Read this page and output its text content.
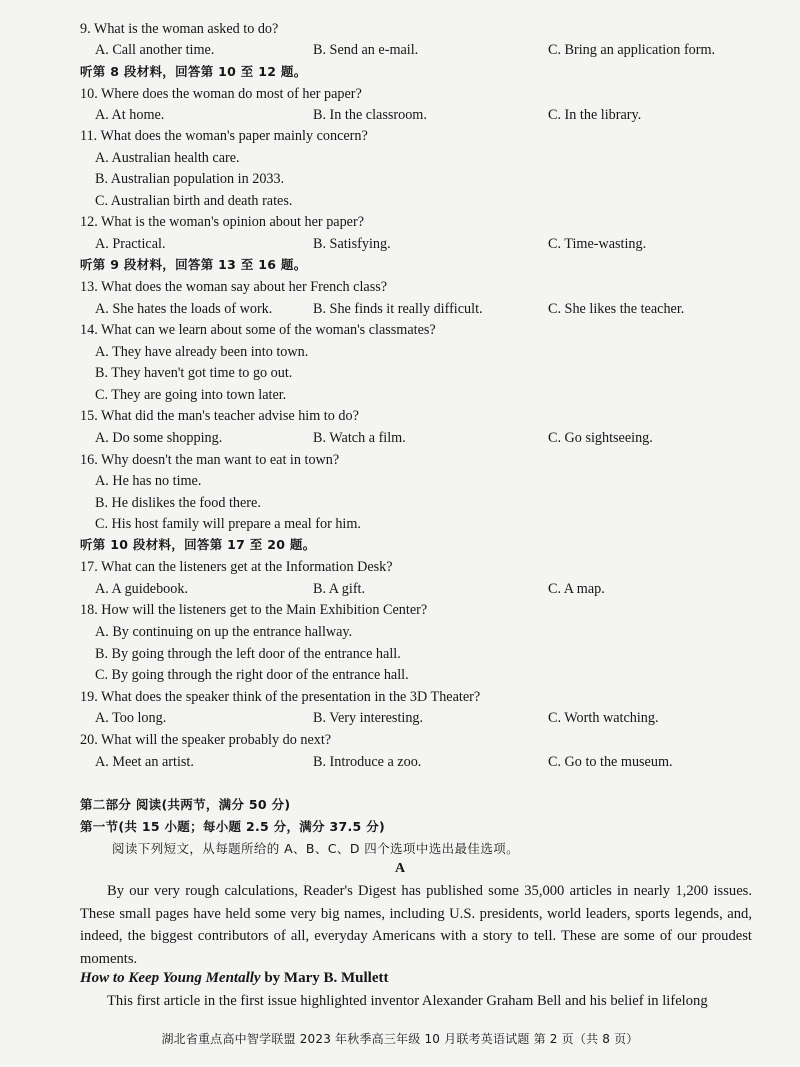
9. What is the woman asked to do?
A. Call another time.	B. Send an e-mail.	C. Bring an application form.
听第 8 段材料，回答第 10 至 12 题。
10. Where does the woman do most of her paper?
A. At home.	B. In the classroom.	C. In the library.
11. What does the woman's paper mainly concern?
A. Australian health care.
B. Australian population in 2033.
C. Australian birth and death rates.
12. What is the woman's opinion about her paper?
A. Practical.	B. Satisfying.	C. Time-wasting.
听第 9 段材料，回答第 13 至 16 题。
13. What does the woman say about her French class?
A. She hates the loads of work.	B. She finds it really difficult.	C. She likes the teacher.
14. What can we learn about some of the woman's classmates?
A. They have already been into town.
B. They haven't got time to go out.
C. They are going into town later.
15. What did the man's teacher advise him to do?
A. Do some shopping.	B. Watch a film.	C. Go sightseeing.
16. Why doesn't the man want to eat in town?
A. He has no time.
B. He dislikes the food there.
C. His host family will prepare a meal for him.
听第 10 段材料，回答第 17 至 20 题。
17. What can the listeners get at the Information Desk?
A. A guidebook.	B. A gift.	C. A map.
18. How will the listeners get to the Main Exhibition Center?
A. By continuing on up the entrance hallway.
B. By going through the left door of the entrance hall.
C. By going through the right door of the entrance hall.
19. What does the speaker think of the presentation in the 3D Theater?
A. Too long.	B. Very interesting.	C. Worth watching.
20. What will the speaker probably do next?
A. Meet an artist.	B. Introduce a zoo.	C. Go to the museum.
第二部分 阅读(共两节，满分 50 分)
第一节(共 15 小题；每小题 2.5 分，满分 37.5 分)
阅读下列短文，从每题所给的 A、B、C、D 四个选项中选出最佳选项。
A
By our very rough calculations, Reader's Digest has published some 35,000 articles in nearly 1,200 issues. These small pages have held some very big names, including U.S. presidents, world leaders, sports legends, and, indeed, the biggest contributors of all, everyday Americans with a story to tell. These are some of our proudest moments.
How to Keep Young Mentally by Mary B. Mullett
This first article in the first issue highlighted inventor Alexander Graham Bell and his belief in lifelong
湖北省重点高中智学联盟 2023 年秋季高三年级 10 月联考英语试题 第 2 页（共 8 页）
